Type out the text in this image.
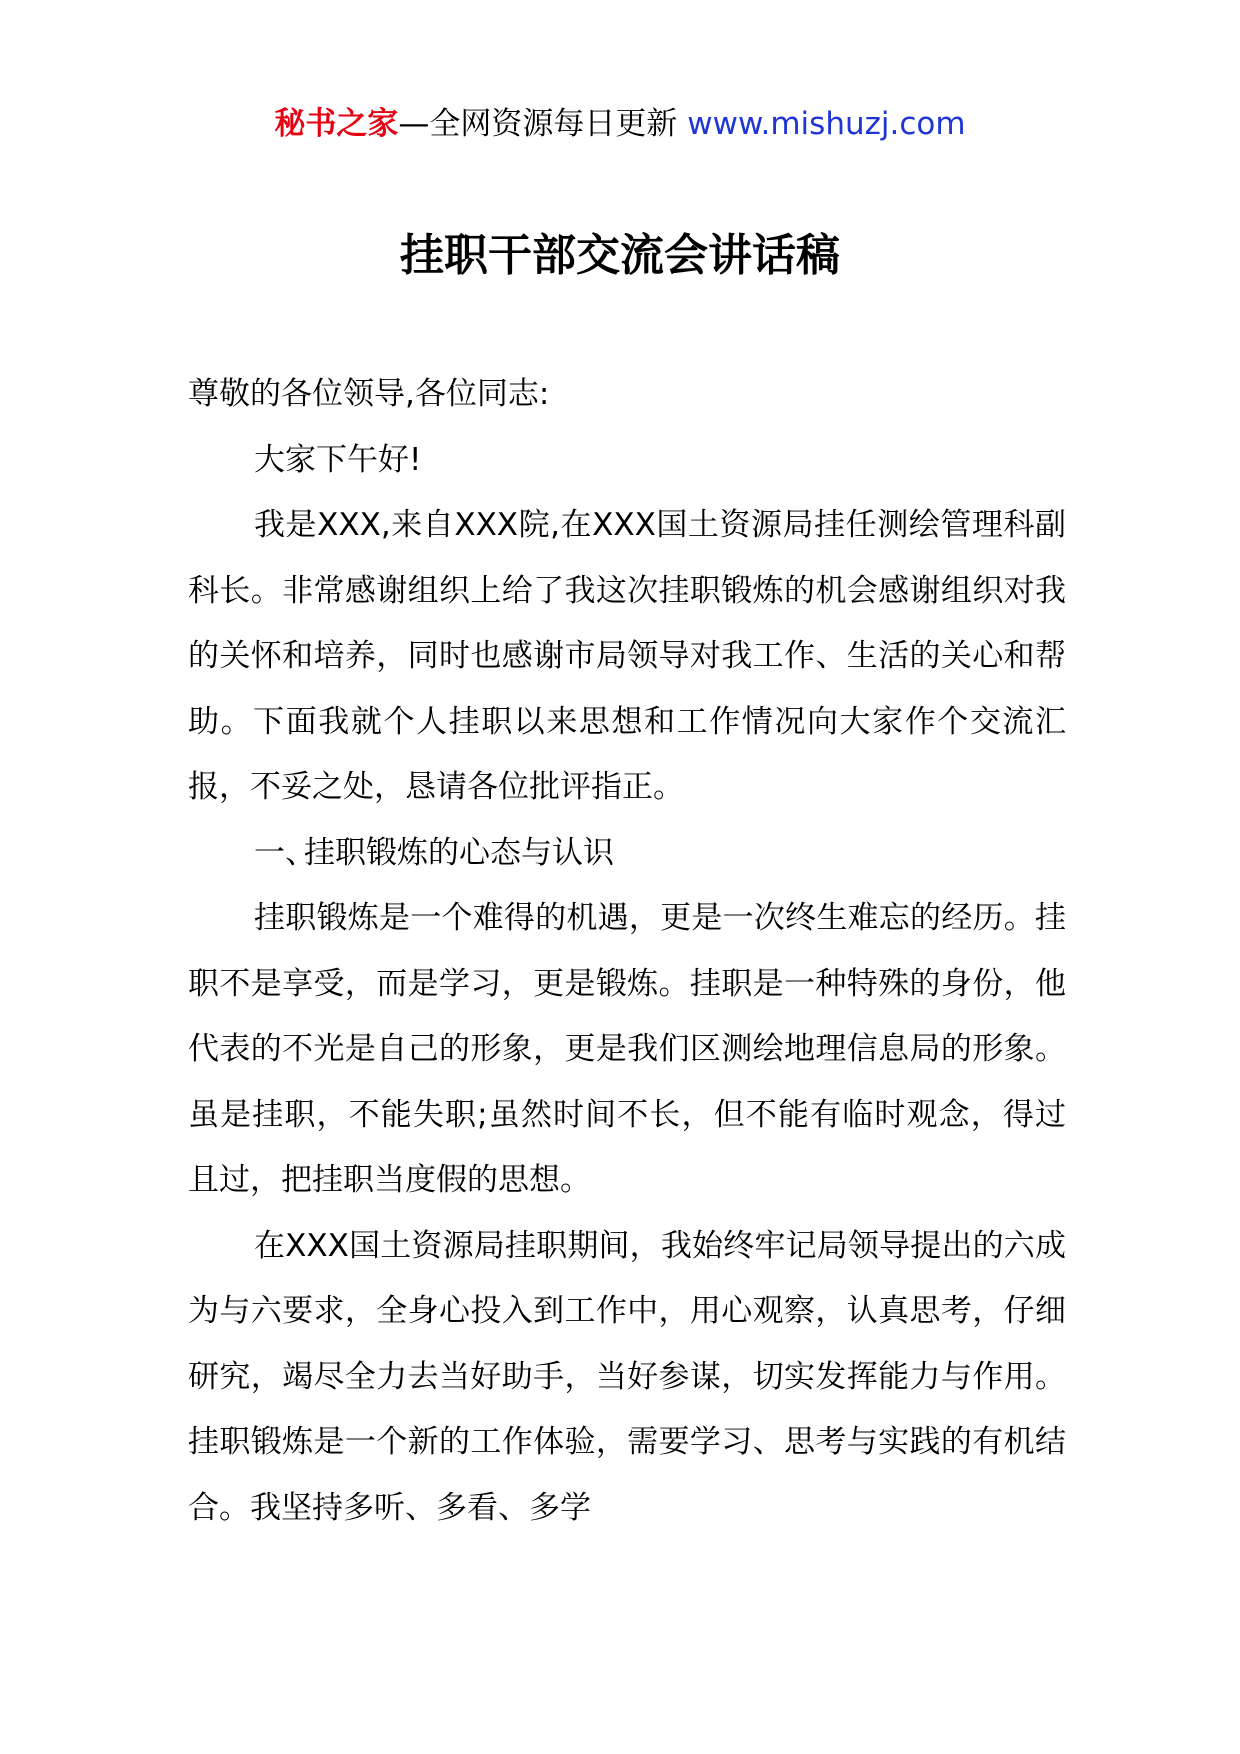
秘书之家—全网资源每日更新 www.mishuzj.com
挂职干部交流会讲话稿

尊敬的各位领导,各位同志:

大家下午好!

我是XXX,来自XXX院,在XXX国土资源局挂任测绘管理科副科长。非常感谢组织上给了我这次挂职锻炼的机会感谢组织对我的关怀和培养，同时也感谢市局领导对我工作、生活的关心和帮助。下面我就个人挂职以来思想和工作情况向大家作个交流汇报，不妥之处，恳请各位批评指正。

一、挂职锻炼的心态与认识

挂职锻炼是一个难得的机遇，更是一次终生难忘的经历。挂职不是享受，而是学习，更是锻炼。挂职是一种特殊的身份，他代表的不光是自己的形象，更是我们区测绘地理信息局的形象。虽是挂职，不能失职;虽然时间不长，但不能有临时观念，得过且过，把挂职当度假的思想。

在XXX国土资源局挂职期间，我始终牢记局领导提出的六成为与六要求，全身心投入到工作中，用心观察，认真思考，仔细研究，竭尽全力去当好助手，当好参谋，切实发挥能力与作用。挂职锻炼是一个新的工作体验，需要学习、思考与实践的有机结合。我坚持多听、多看、多学
